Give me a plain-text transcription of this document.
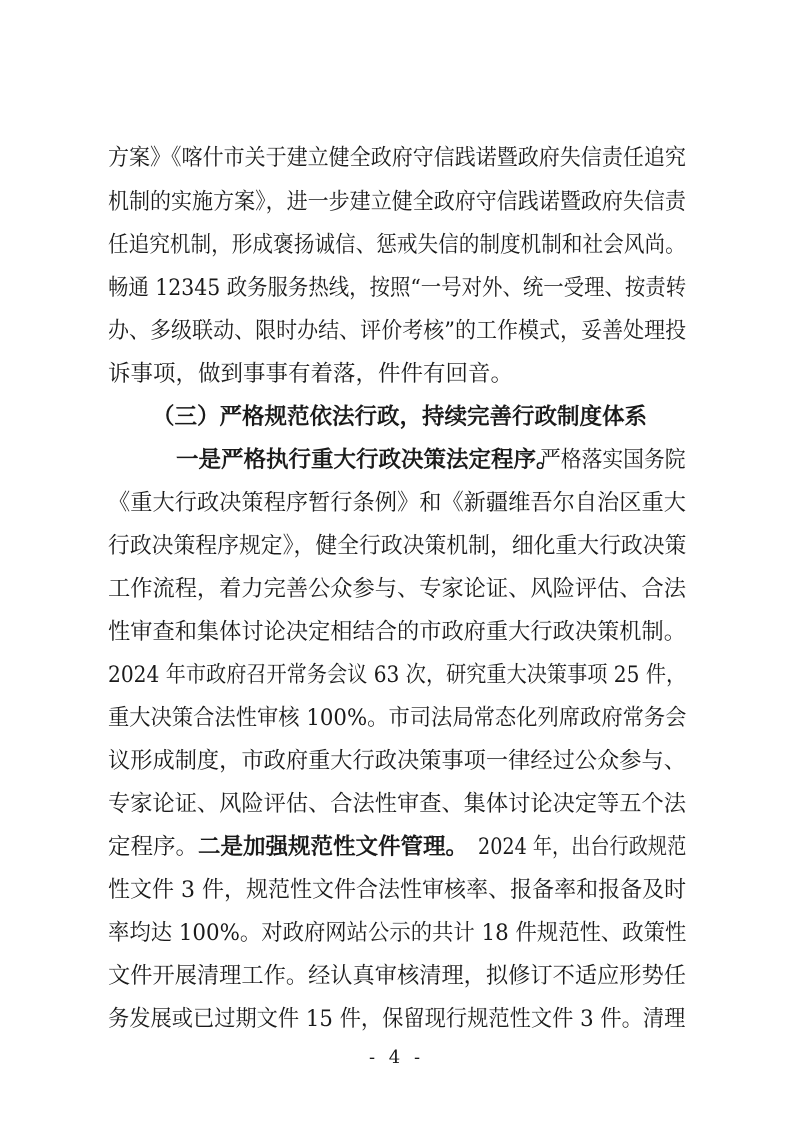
方案》《喀什市关于建立健全政府守信践诺暨政府失信责任追究
机制的实施方案》，进一步建立健全政府守信践诺暨政府失信责
任追究机制，形成褒扬诚信、惩戒失信的制度机制和社会风尚。
畅通 12345 政务服务热线，按照“一号对外、统一受理、按责转
办、多级联动、限时办结、评价考核”的工作模式，妥善处理投
诉事项，做到事事有着落，件件有回音。
（三）严格规范依法行政，持续完善行政制度体系
一是严格执行重大行政决策法定程序。
严格落实国务院
《重大行政决策程序暂行条例》和《新疆维吾尔自治区重大
行政决策程序规定》，健全行政决策机制，细化重大行政决策
工作流程，着力完善公众参与、专家论证、风险评估、合法
性审查和集体讨论决定相结合的市政府重大行政决策机制。
2024 年市政府召开常务会议 63 次，研究重大决策事项 25 件，
重大决策合法性审核 100%。市司法局常态化列席政府常务会
议形成制度，市政府重大行政决策事项一律经过公众参与、
专家论证、风险评估、合法性审查、集体讨论决定等五个法
定程序。 二是加强规范性文件管理。 2024 年，出台行政规范
性文件 3 件，规范性文件合法性审核率、报备率和报备及时
率均达 100%。对政府网站公示的共计 18 件规范性、政策性
文件开展清理工作。经认真审核清理，拟修订不适应形势任
务发展或已过期文件 15 件，保留现行规范性文件 3 件。清理
- 4 -
